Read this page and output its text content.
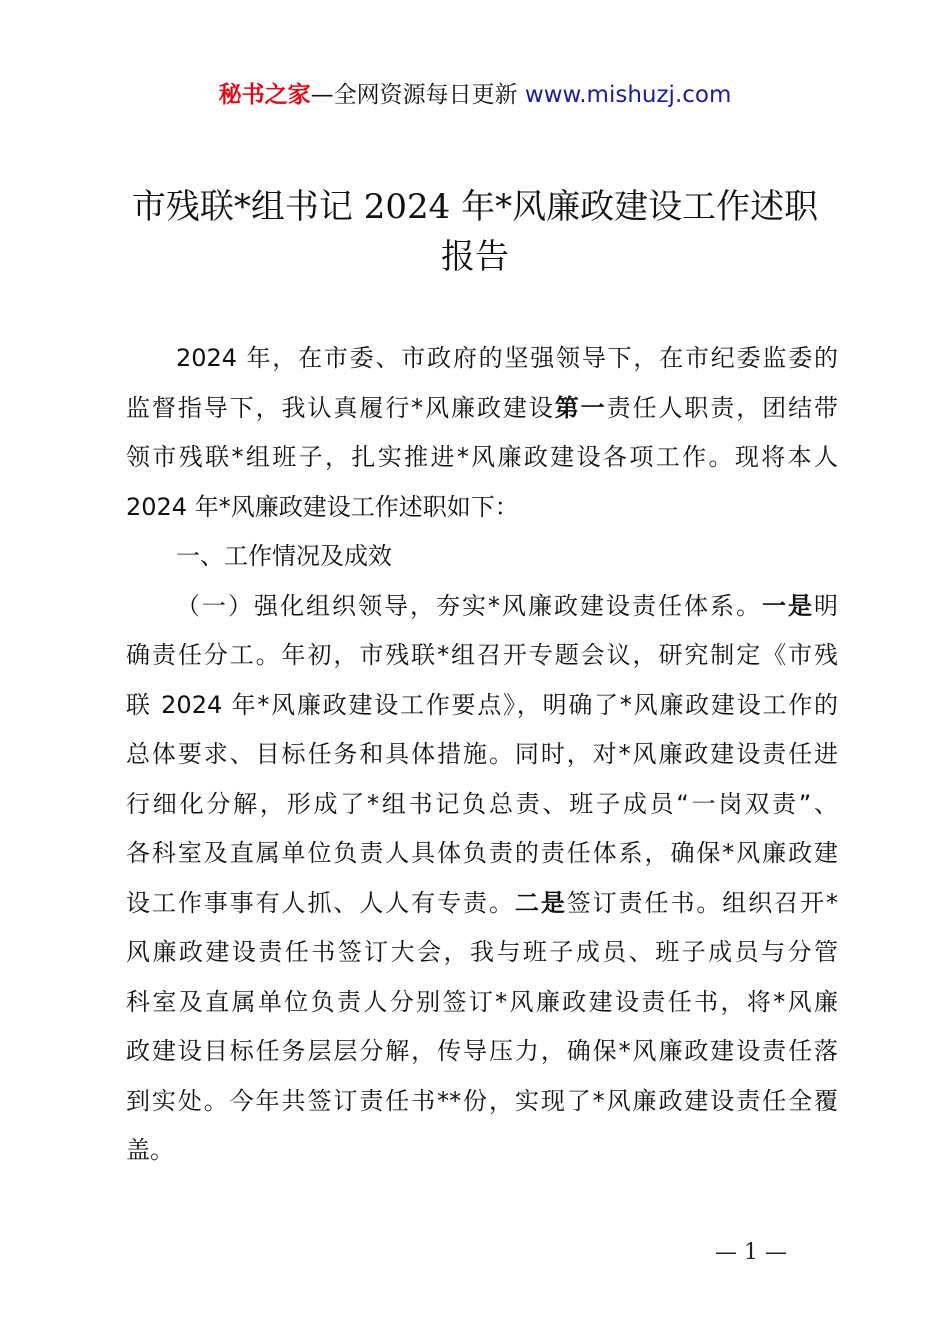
秘书之家—全网资源每日更新 www.mishuzj.com
市残联*组书记 2024 年*风廉政建设工作述职
报告
2024 年，在市委、市政府的坚强领导下，在市纪委监委的
监督指导下，我认真履行*风廉政建设第一责任人职责，团结带
领市残联*组班子，扎实推进*风廉政建设各项工作。现将本人
2024 年*风廉政建设工作述职如下：
一、工作情况及成效
（一）强化组织领导，夯实*风廉政建设责任体系。一是明
确责任分工。年初，市残联*组召开专题会议，研究制定《市残
联 2024 年*风廉政建设工作要点》，明确了*风廉政建设工作的
总体要求、目标任务和具体措施。同时，对*风廉政建设责任进
行细化分解，形成了*组书记负总责、班子成员“一岗双责”、
各科室及直属单位负责人具体负责的责任体系，确保*风廉政建
设工作事事有人抓、人人有专责。二是签订责任书。组织召开*
风廉政建设责任书签订大会，我与班子成员、班子成员与分管
科室及直属单位负责人分别签订*风廉政建设责任书，将*风廉
政建设目标任务层层分解，传导压力，确保*风廉政建设责任落
到实处。今年共签订责任书**份，实现了*风廉政建设责任全覆
盖。
— 1 —
